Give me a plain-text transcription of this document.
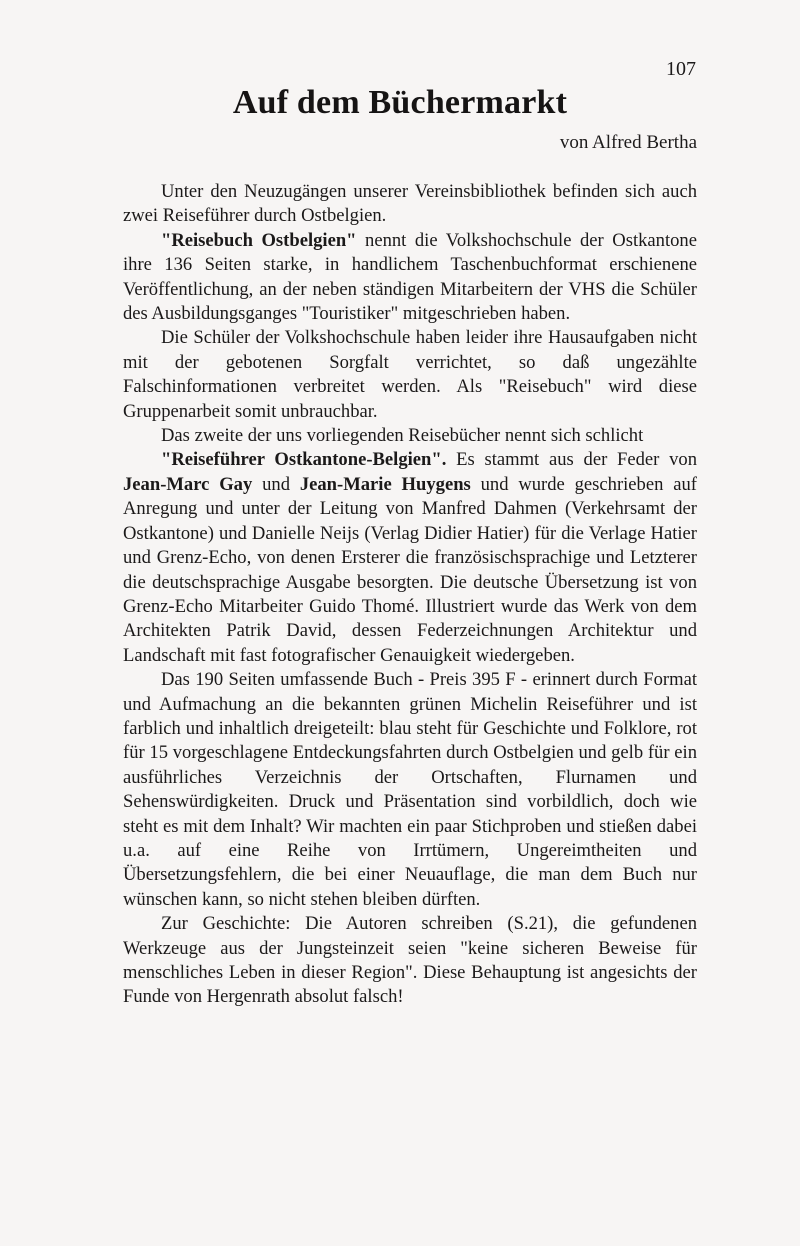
107
Auf dem Büchermarkt
von Alfred Bertha

Unter den Neuzugängen unserer Vereinsbibliothek befinden sich auch zwei Reiseführer durch Ostbelgien.

"Reisebuch Ostbelgien" nennt die Volkshochschule der Ostkantone ihre 136 Seiten starke, in handlichem Taschenbuchformat erschienene Veröffentlichung, an der neben ständigen Mitarbeitern der VHS die Schüler des Ausbildungsganges "Touristiker" mitgeschrieben haben.

Die Schüler der Volkshochschule haben leider ihre Hausaufgaben nicht mit der gebotenen Sorgfalt verrichtet, so daß ungezählte Falschinformationen verbreitet werden. Als "Reisebuch" wird diese Gruppenarbeit somit unbrauchbar.

Das zweite der uns vorliegenden Reisebücher nennt sich schlicht

"Reiseführer Ostkantone-Belgien". Es stammt aus der Feder von Jean-Marc Gay und Jean-Marie Huygens und wurde geschrieben auf Anregung und unter der Leitung von Manfred Dahmen (Verkehrsamt der Ostkantone) und Danielle Neijs (Verlag Didier Hatier) für die Verlage Hatier und Grenz-Echo, von denen Ersterer die französischsprachige und Letzterer die deutschsprachige Ausgabe besorgten. Die deutsche Übersetzung ist von Grenz-Echo Mitarbeiter Guido Thomé. Illustriert wurde das Werk von dem Architekten Patrik David, dessen Federzeichnungen Architektur und Landschaft mit fast fotografischer Genauigkeit wiedergeben.

Das 190 Seiten umfassende Buch - Preis 395 F - erinnert durch Format und Aufmachung an die bekannten grünen Michelin Reiseführer und ist farblich und inhaltlich dreigeteilt: blau steht für Geschichte und Folklore, rot für 15 vorgeschlagene Entdeckungsfahrten durch Ostbelgien und gelb für ein ausführliches Verzeichnis der Ortschaften, Flurnamen und Sehenswürdigkeiten. Druck und Präsentation sind vorbildlich, doch wie steht es mit dem Inhalt? Wir machten ein paar Stichproben und stießen dabei u.a. auf eine Reihe von Irrtümern, Ungereimtheiten und Übersetzungsfehlern, die bei einer Neuauflage, die man dem Buch nur wünschen kann, so nicht stehen bleiben dürften.

Zur Geschichte: Die Autoren schreiben (S.21), die gefundenen Werkzeuge aus der Jungsteinzeit seien "keine sicheren Beweise für menschliches Leben in dieser Region". Diese Behauptung ist angesichts der Funde von Hergenrath absolut falsch!
